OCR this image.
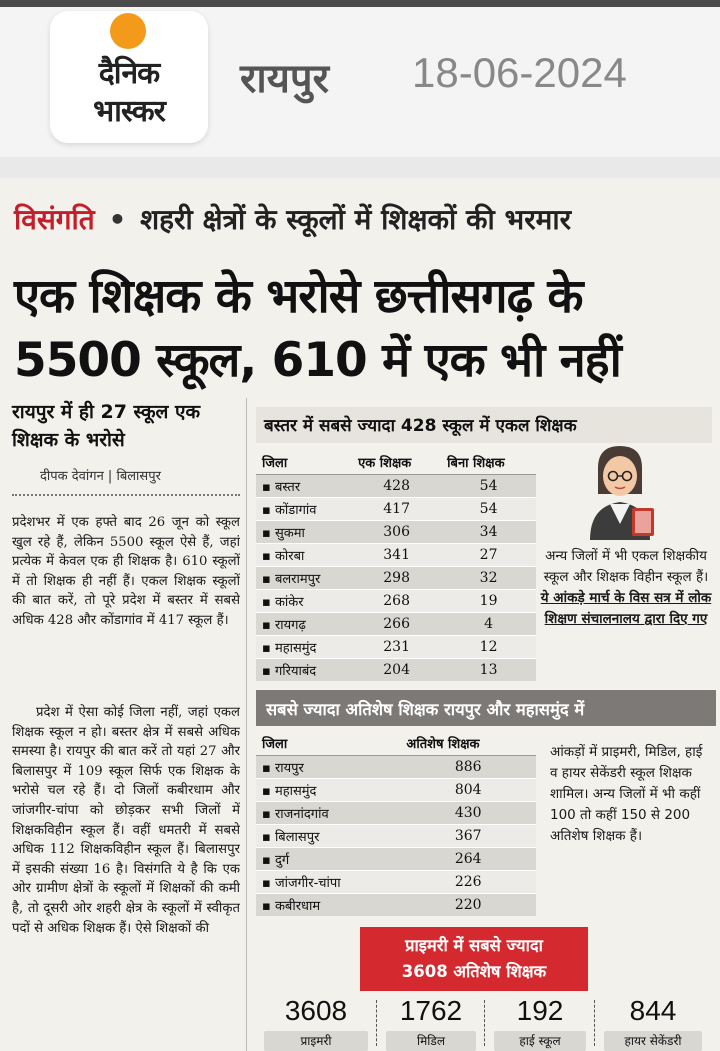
दैनिक
भास्कर
रायपुर 18-06-2024
विसंगति • शहरी क्षेत्रों के स्कूलों में शिक्षकों की भरमार
एक शिक्षक के भरोसे छत्तीसगढ़ के
5500 स्कूल, 610 में एक भी नहीं
रायपुर में ही 27 स्कूल एक शिक्षक के भरोसे
दीपक देवांगन | बिलासपुर
प्रदेशभर में एक हफ्ते बाद 26 जून को स्कूल खुल रहे हैं, लेकिन 5500 स्कूल ऐसे हैं, जहां प्रत्येक में केवल एक ही शिक्षक है। 610 स्कूलों में तो शिक्षक ही नहीं हैं। एकल शिक्षक स्कूलों की बात करें, तो पूरे प्रदेश में बस्तर में सबसे अधिक 428 और कोंडागांव में 417 स्कूल हैं।
प्रदेश में ऐसा कोई जिला नहीं, जहां एकल शिक्षक स्कूल न हो। बस्तर क्षेत्र में सबसे अधिक समस्या है। रायपुर की बात करें तो यहां 27 और बिलासपुर में 109 स्कूल सिर्फ एक शिक्षक के भरोसे चल रहे हैं। दो जिलों कबीरधाम और जांजगीर-चांपा को छोड़कर सभी जिलों में शिक्षकविहीन स्कूल हैं। वहीं धमतरी में सबसे अधिक 112 शिक्षकविहीन स्कूल हैं। बिलासपुर में इसकी संख्या 16 है। विसंगति ये है कि एक ओर ग्रामीण क्षेत्रों के स्कूलों में शिक्षकों की कमी है, तो दूसरी ओर शहरी क्षेत्र के स्कूलों में स्वीकृत पदों से अधिक शिक्षक हैं। ऐसे शिक्षकों की
बस्तर में सबसे ज्यादा 428 स्कूल में एकल शिक्षक
जिला	एक शिक्षक	बिना शिक्षक
▪ बस्तर	428	54
▪ कोंडागांव	417	54
▪ सुकमा	306	34
▪ कोरबा	341	27
▪ बलरामपुर	298	32
▪ कांकेर	268	19
▪ रायगढ़	266	4
▪ महासमुंद	231	12
▪ गरियाबंद	204	13
अन्य जिलों में भी एकल शिक्षकीय स्कूल और शिक्षक विहीन स्कूल हैं। ये आंकड़े मार्च के विस सत्र में लोक शिक्षण संचालनालय द्वारा दिए गए
सबसे ज्यादा अतिशेष शिक्षक रायपुर और महासमुंद में
जिला	अतिशेष शिक्षक
▪ रायपुर	886
▪ महासमुंद	804
▪ राजनांदगांव	430
▪ बिलासपुर	367
▪ दुर्ग	264
▪ जांजगीर-चांपा	226
▪ कबीरधाम	220
आंकड़ों में प्राइमरी, मिडिल, हाई व हायर सेकेंडरी स्कूल शिक्षक शामिल। अन्य जिलों में भी कहीं 100 तो कहीं 150 से 200 अतिशेष शिक्षक हैं।
प्राइमरी में सबसे ज्यादा
3608 अतिशेष शिक्षक
3608
प्राइमरी
1762
मिडिल
192
हाई स्कूल
844
हायर सेकेंडरी
